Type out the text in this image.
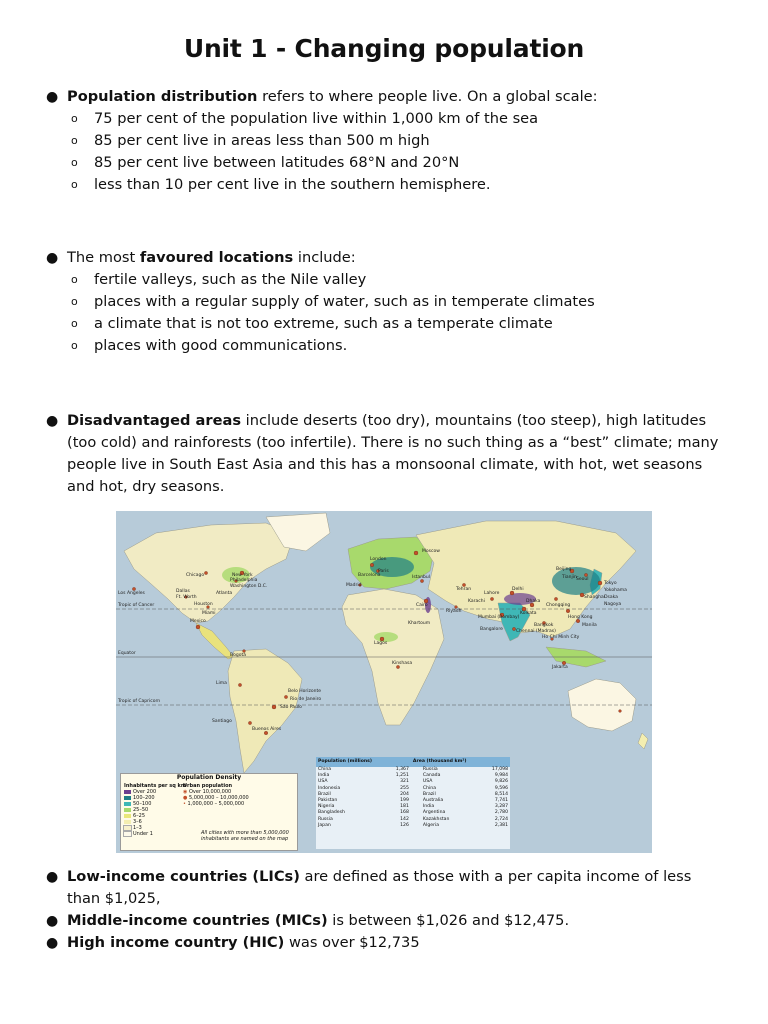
Unit 1 - Changing population
● Population distribution refers to where people live. On a global scale:
o 75 per cent of the population live within 1,000 km of the sea
o 85 per cent live in areas less than 500 m high
o 85 per cent live between latitudes 68°N and 20°N
o less than 10 per cent live in the southern hemisphere.
● The most favoured locations include:
o fertile valleys, such as the Nile valley
o places with a regular supply of water, such as in temperate climates
o a climate that is not too extreme, such as a temperate climate
o places with good communications.
● Disadvantaged areas include deserts (too dry), mountains (too steep), high latitudes (too cold) and rainforests (too infertile). There is no such thing as a “best” climate; many people live in South East Asia and this has a monsoonal climate, with hot, wet seasons and hot, dry seasons.
Tropic of Cancer
Equator
Tropic of Capricorn
Los Angeles
Chicago	New York
Philadelphia
Washington D.C.
Dallas
Ft. Worth
Houston
Atlanta
Miami
Mexico
Bogotá
Lima
Belo Horizonte
Rio de Janeiro
São Paulo
Santiago
Buenos Aires
London
Paris
Madrid
Barcelona
Moscow
Istanbul
Cairo
Riyadh
Tehran
Lagos
Kinshasa
Khartoum
Lahore
Karachi
Delhi
Mumbai (Bombay)
Bangalore	Chennai (Madras)
Kolkata
Dhaka
Bangkok
Ho Chi Minh City
Jakarta
Manila
Hong Kong
Shanghai
Beijing
Tianjin Seoul
Tokyo
Osaka
Yokohama
Nagoya
Chongqing
Population Density
Inhabitants per sq km
Urban population
Over 200
100–200
50–100
25–50
6–25
3–6
1–3
Under 1
◉ Over 10,000,000
● 5,000,000 – 10,000,000
• 1,000,000 – 5,000,000
All cities with more than 5,000,000 inhabitants are named on the map
Population (millions)		Area (thousand km²)	
China	1,367	Russia	17,098
India	1,251	Canada	9,984
USA	321	USA	9,826
Indonesia	255	China	9,596
Brazil	204	Brazil	8,514
Pakistan	199	Australia	7,741
Nigeria	181	India	3,287
Bangladesh	168	Argentina	2,780
Russia	142	Kazakhstan	2,724
Japan	126	Algeria	2,381
● Low-income countries (LICs) are defined as those with a per capita income of less than $1,025,
● Middle-income countries (MICs) is between $1,026 and $12,475.
● High income country (HIC) was over $12,735
